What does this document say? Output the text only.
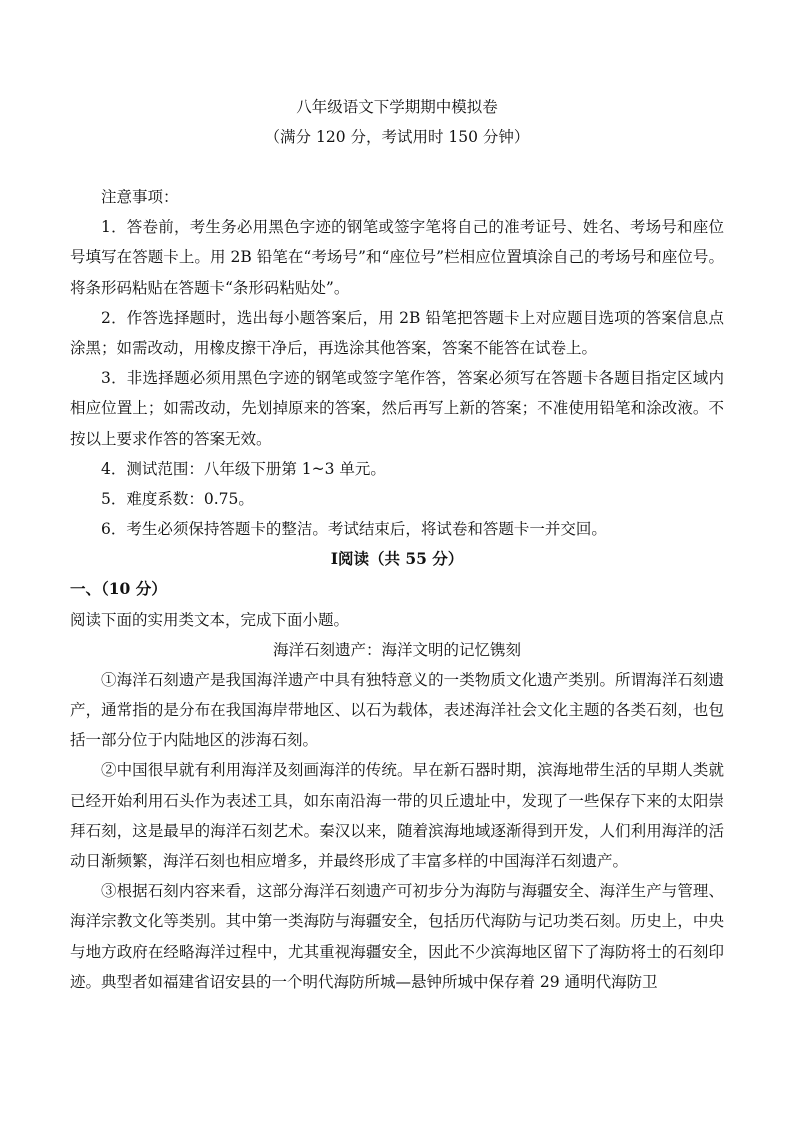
八年级语文下学期期中模拟卷

（满分 120 分，考试用时 150 分钟）

注意事项：

1．答卷前，考生务必用黑色字迹的钢笔或签字笔将自己的准考证号、姓名、考场号和座位号填写在答题卡上。用 2B 铅笔在“考场号”和“座位号”栏相应位置填涂自己的考场号和座位号。将条形码粘贴在答题卡“条形码粘贴处”。

2．作答选择题时，选出每小题答案后，用 2B 铅笔把答题卡上对应题目选项的答案信息点涂黑；如需改动，用橡皮擦干净后，再选涂其他答案，答案不能答在试卷上。

3．非选择题必须用黑色字迹的钢笔或签字笔作答，答案必须写在答题卡各题目指定区域内相应位置上；如需改动，先划掉原来的答案，然后再写上新的答案；不准使用铅笔和涂改液。不按以上要求作答的答案无效。

4．测试范围：八年级下册第 1~3 单元。

5．难度系数：0.75。

6．考生必须保持答题卡的整洁。考试结束后，将试卷和答题卡一并交回。

Ⅰ阅读（共 55 分）

一、（10 分）

阅读下面的实用类文本，完成下面小题。

海洋石刻遗产：海洋文明的记忆镌刻

①海洋石刻遗产是我国海洋遗产中具有独特意义的一类物质文化遗产类别。所谓海洋石刻遗产，通常指的是分布在我国海岸带地区、以石为载体，表述海洋社会文化主题的各类石刻，也包括一部分位于内陆地区的涉海石刻。

②中国很早就有利用海洋及刻画海洋的传统。早在新石器时期，滨海地带生活的早期人类就已经开始利用石头作为表述工具，如东南沿海一带的贝丘遗址中，发现了一些保存下来的太阳崇拜石刻，这是最早的海洋石刻艺术。秦汉以来，随着滨海地域逐渐得到开发，人们利用海洋的活动日渐频繁，海洋石刻也相应增多，并最终形成了丰富多样的中国海洋石刻遗产。

③根据石刻内容来看，这部分海洋石刻遗产可初步分为海防与海疆安全、海洋生产与管理、海洋宗教文化等类别。其中第一类海防与海疆安全，包括历代海防与记功类石刻。历史上，中央与地方政府在经略海洋过程中，尤其重视海疆安全，因此不少滨海地区留下了海防将士的石刻印迹。典型者如福建省诏安县的一个明代海防所城—悬钟所城中保存着 29 通明代海防卫
